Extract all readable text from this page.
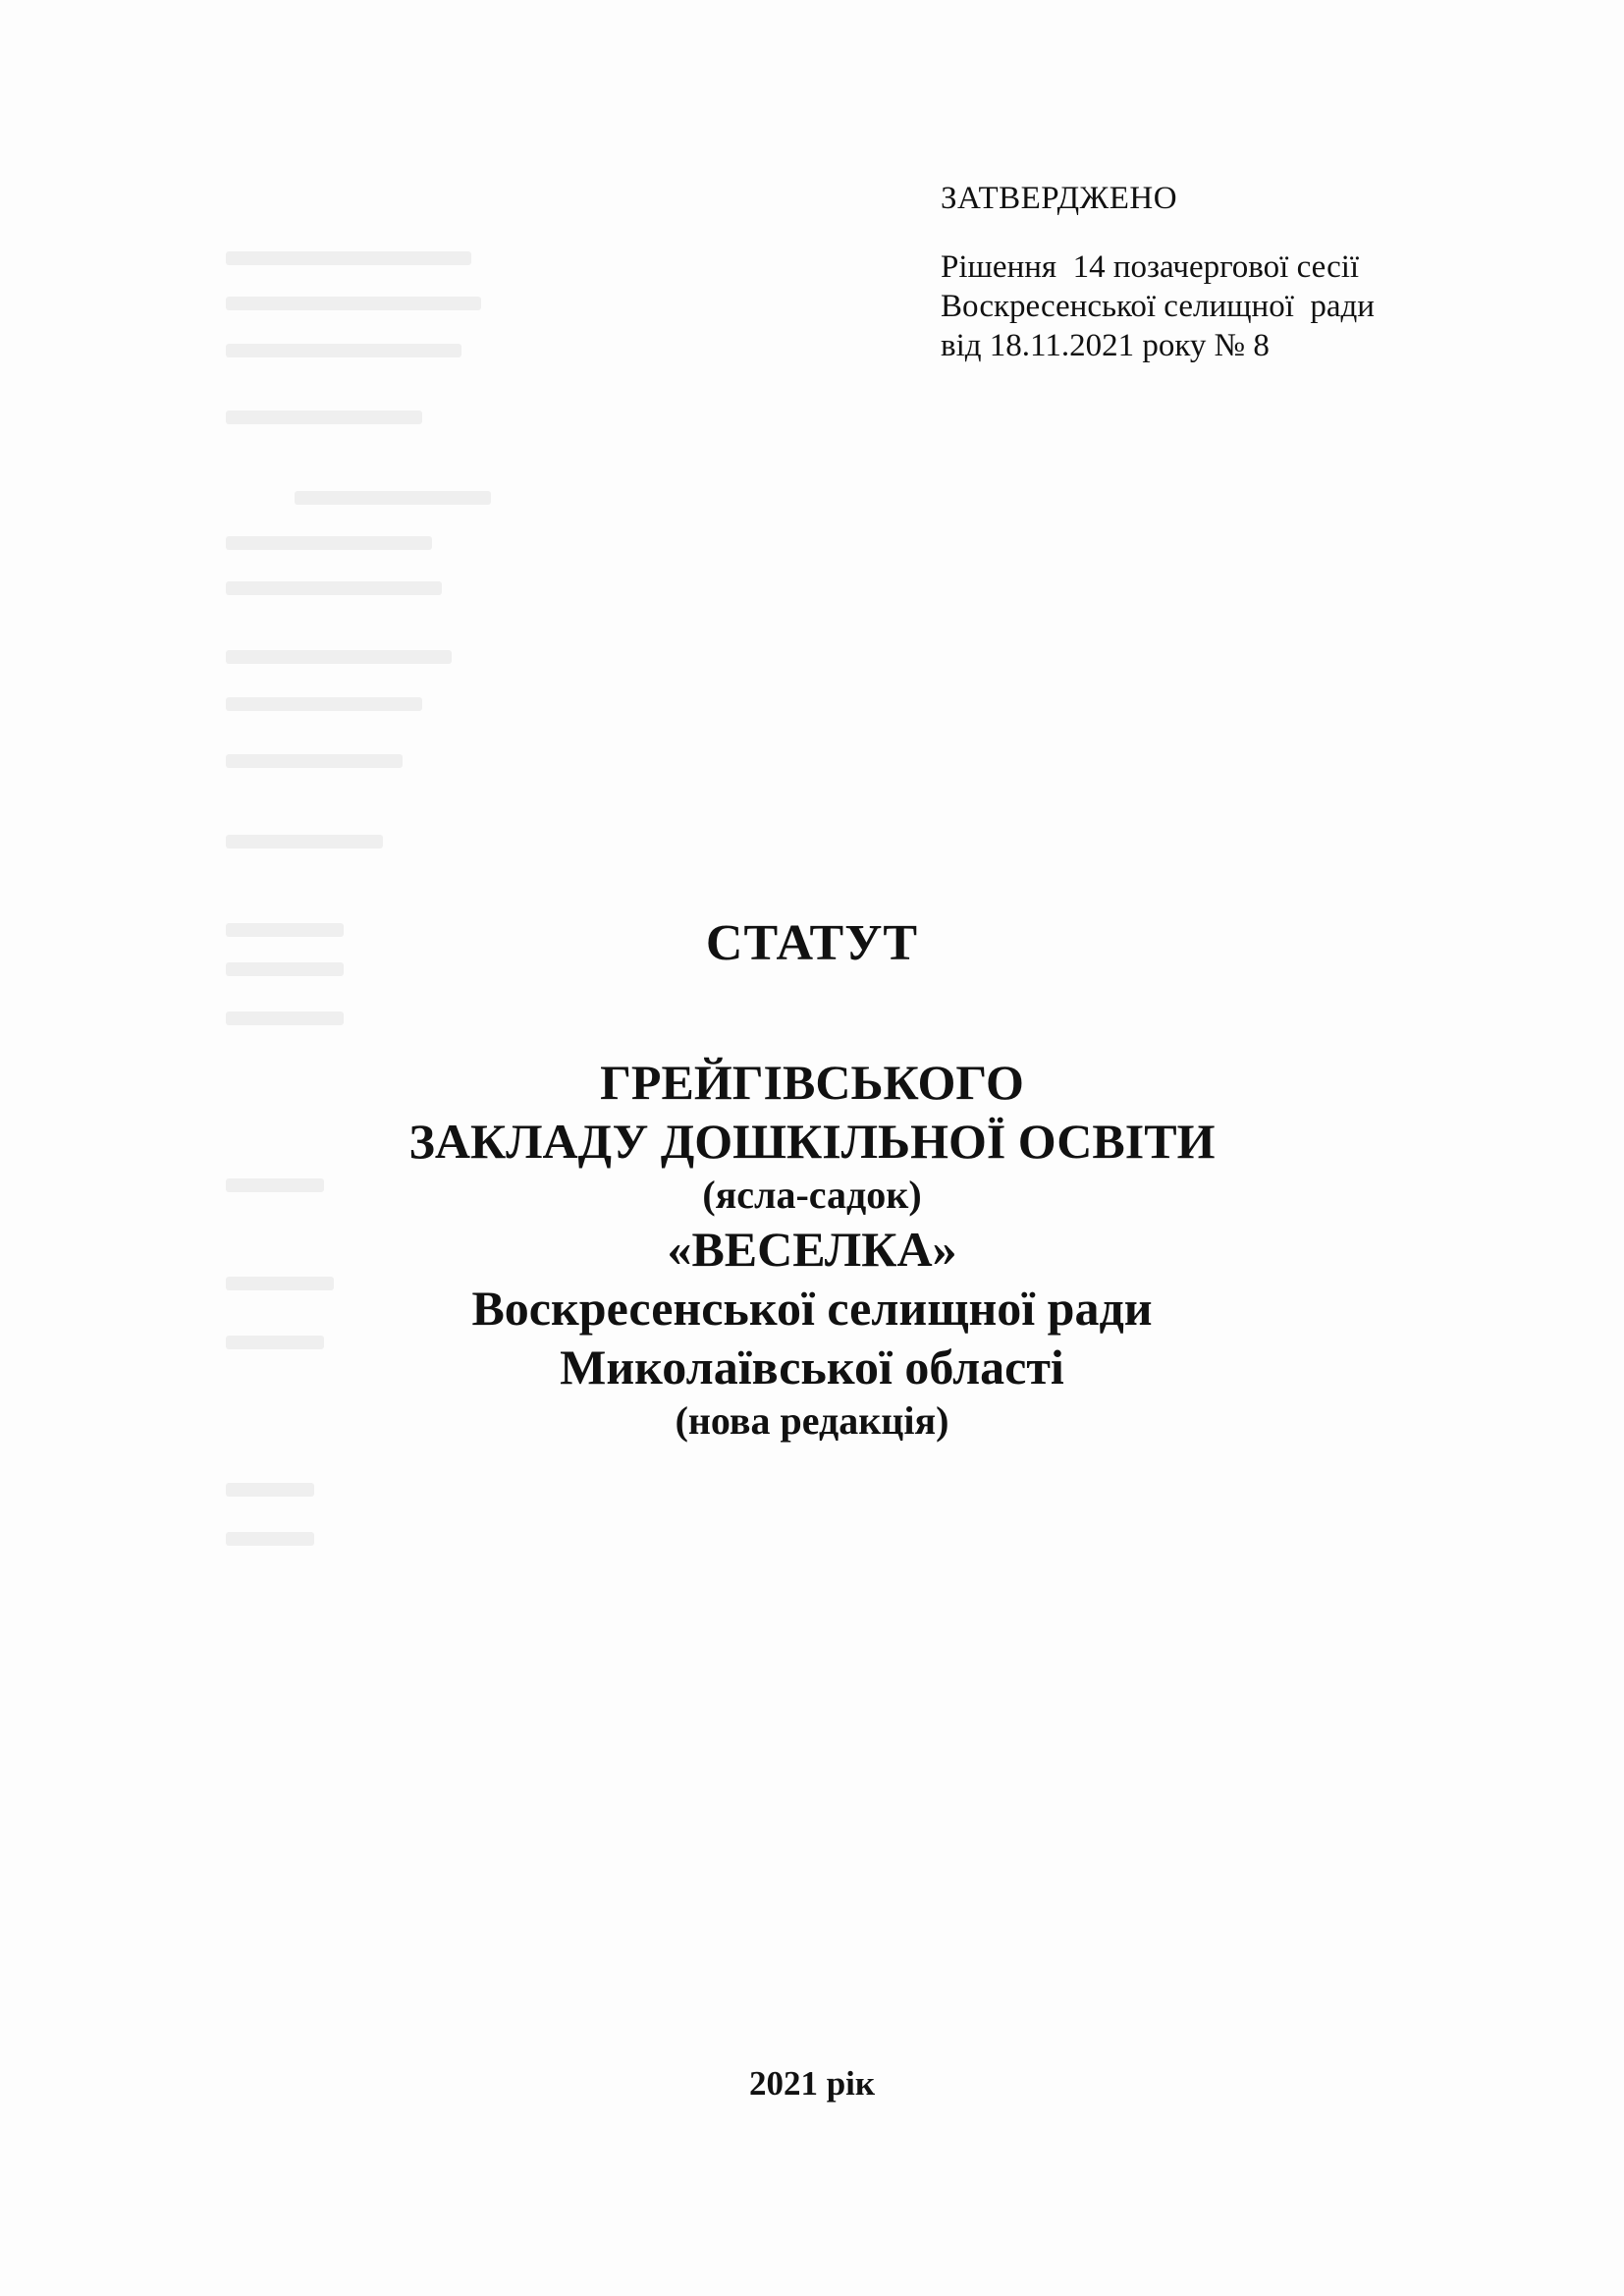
ЗАТВЕРДЖЕНО
Рішення  14 позачергової сесії
Воскресенської селищної  ради
від 18.11.2021 року № 8
СТАТУТ
ГРЕЙГІВСЬКОГО
ЗАКЛАДУ ДОШКІЛЬНОЇ ОСВІТИ
(ясла-садок)
«ВЕСЕЛКА»
Воскресенської селищної ради
Миколаївської області
(нова редакція)
2021 рік
